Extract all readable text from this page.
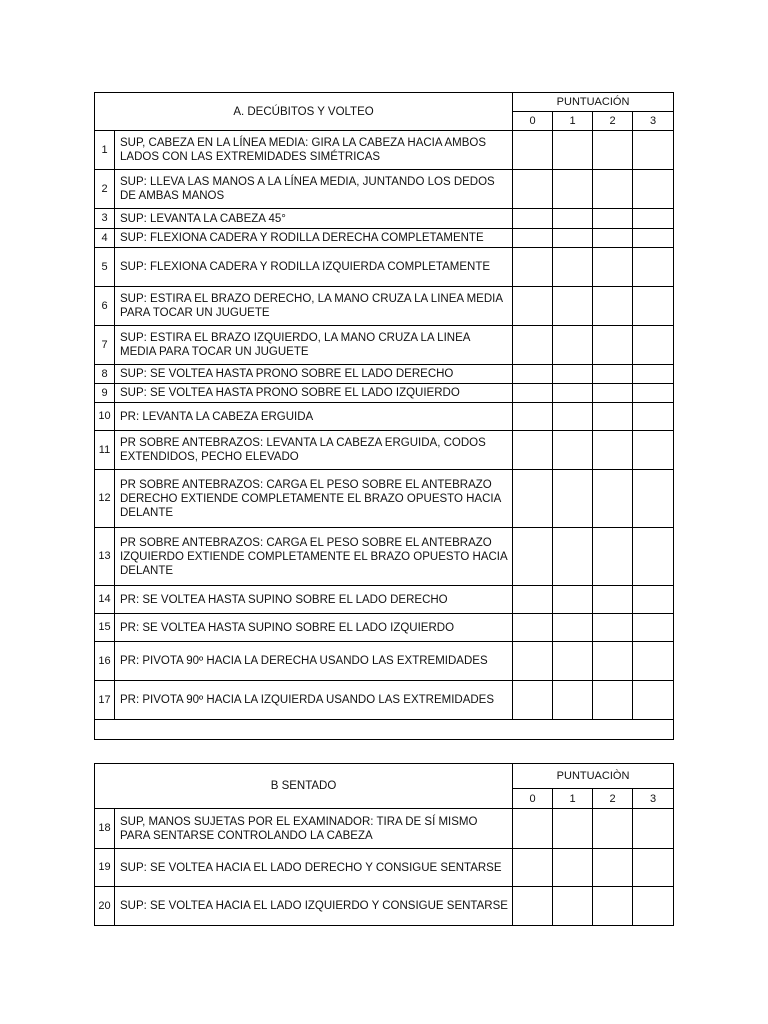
A. DECÚBITOS Y VOLTEO		PUNTUACIÓN			
		0	1	2	3
1	SUP, CABEZA EN LA LÍNEA MEDIA: GIRA LA CABEZA HACIA AMBOS LADOS CON LAS EXTREMIDADES SIMÉTRICAS				
2	SUP: LLEVA LAS MANOS A LA LÍNEA MEDIA, JUNTANDO LOS DEDOS DE AMBAS MANOS				
3	SUP: LEVANTA LA CABEZA 45°				
4	SUP: FLEXIONA CADERA Y RODILLA DERECHA COMPLETAMENTE				
5	SUP: FLEXIONA CADERA Y RODILLA IZQUIERDA COMPLETAMENTE				
6	SUP: ESTIRA EL BRAZO DERECHO, LA MANO CRUZA LA LINEA MEDIA PARA TOCAR UN JUGUETE				
7	SUP: ESTIRA EL BRAZO IZQUIERDO, LA MANO CRUZA LA LINEA MEDIA PARA TOCAR UN JUGUETE				
8	SUP: SE VOLTEA HASTA PRONO SOBRE EL LADO DERECHO				
9	SUP: SE VOLTEA HASTA PRONO SOBRE EL LADO IZQUIERDO				
10	PR: LEVANTA LA CABEZA ERGUIDA				
11	PR SOBRE ANTEBRAZOS: LEVANTA LA CABEZA ERGUIDA, CODOS EXTENDIDOS, PECHO ELEVADO				
12	PR SOBRE ANTEBRAZOS: CARGA EL PESO SOBRE EL ANTEBRAZO DERECHO EXTIENDE COMPLETAMENTE EL BRAZO OPUESTO HACIA DELANTE				
13	PR SOBRE ANTEBRAZOS: CARGA EL PESO SOBRE EL ANTEBRAZO IZQUIERDO EXTIENDE COMPLETAMENTE EL BRAZO OPUESTO HACIA DELANTE				
14	PR: SE VOLTEA HASTA SUPINO SOBRE EL LADO DERECHO				
15	PR: SE VOLTEA HASTA SUPINO SOBRE EL LADO IZQUIERDO				
16	PR: PIVOTA 90º HACIA LA DERECHA USANDO LAS EXTREMIDADES				
17	PR: PIVOTA 90º HACIA LA IZQUIERDA USANDO LAS EXTREMIDADES				

B SENTADO		PUNTUACIÒN			
		0	1	2	3
18	SUP, MANOS SUJETAS POR EL EXAMINADOR: TIRA DE SÍ MISMO PARA SENTARSE CONTROLANDO LA CABEZA				
19	SUP: SE VOLTEA HACIA EL LADO DERECHO Y CONSIGUE SENTARSE				
20	SUP: SE VOLTEA HACIA EL LADO IZQUIERDO Y CONSIGUE SENTARSE				
